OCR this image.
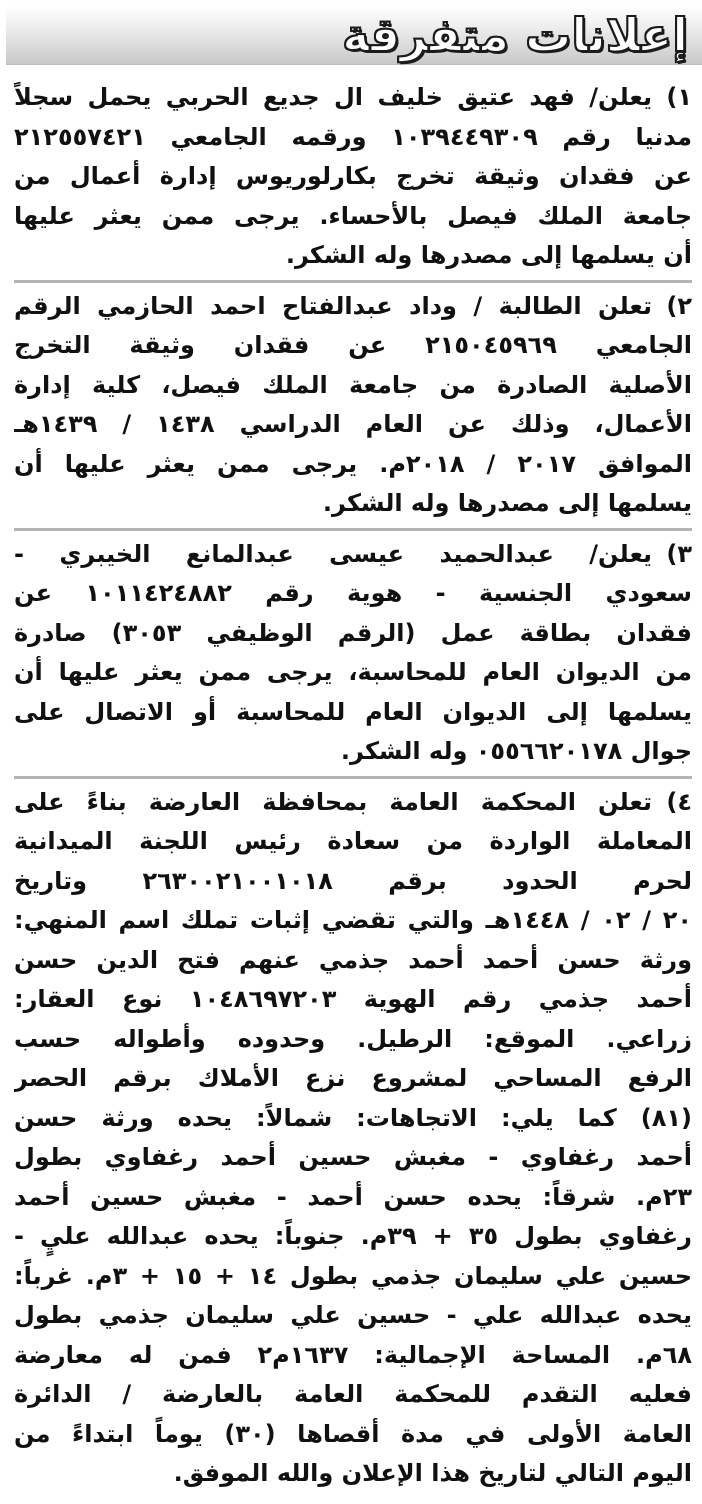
إعلانات متفرقة
١)
يعلن/ فهد عتيق خليف ال جديع الحربي يحمل سجلاً
مدنيا رقم ١٠٣٩٤٤٩٣٠٩ ورقمه الجامعي ٢١٢٥٥٧٤٢١
عن فقدان وثيقة تخرج بكارلوريوس إدارة أعمال من
جامعة الملك فيصل بالأحساء. يرجى ممن يعثر عليها
أن يسلمها إلى مصدرها وله الشكر.
٢)
تعلن الطالبة / وداد عبدالفتاح احمد الحازمي الرقم
الجامعي ٢١٥٠٤٥٩٦٩ عن فقدان وثيقة التخرج
الأصلية الصادرة من جامعة الملك فيصل، كلية إدارة
الأعمال، وذلك عن العام الدراسي ١٤٣٨ / ١٤٣٩هـ
الموافق ٢٠١٧ / ٢٠١٨م. يرجى ممن يعثر عليها أن
يسلمها إلى مصدرها وله الشكر.
٣)
يعلن/ عبدالحميد عيسى عبدالمانع الخيبري -
سعودي الجنسية - هوية رقم ١٠١١٤٢٤٨٨٢ عن
فقدان بطاقة عمل (الرقم الوظيفي ٣٠٥٣) صادرة
من الديوان العام للمحاسبة، يرجى ممن يعثر عليها أن
يسلمها إلى الديوان العام للمحاسبة أو الاتصال على
جوال ٠٥٥٦٦٢٠١٧٨ وله الشكر.
٤)
تعلن المحكمة العامة بمحافظة العارضة بناءً على
المعاملة الواردة من سعادة رئيس اللجنة الميدانية
لحرم الحدود برقم ٢٦٣٠٠٢١٠٠١٠١٨ وتاريخ
٢٠ / ٠٢ / ١٤٤٨هـ والتي تقضي إثبات تملك اسم المنهي:
ورثة حسن أحمد أحمد جذمي عنهم فتح الدين حسن
أحمد جذمي رقم الهوية ١٠٤٨٦٩٧٢٠٣ نوع العقار:
زراعي. الموقع: الرطيل. وحدوده وأطواله حسب
الرفع المساحي لمشروع نزع الأملاك برقم الحصر
(٨١) كما يلي: الاتجاهات: شمالاً: يحده ورثة حسن
أحمد رغفاوي - مغبش حسين أحمد رغفاوي بطول
٢٣م. شرقاً: يحده حسن أحمد - مغبش حسين أحمد
رغفاوي بطول ٣٥ + ٣٩م. جنوباً: يحده عبدالله عليٍ -
حسين علي سليمان جذمي بطول ١٤ + ١٥ + ٣م. غرباً:
يحده عبدالله علي - حسين علي سليمان جذمي بطول
٦٨م. المساحة الإجمالية: ١٦٣٧م٢ فمن له معارضة
فعليه التقدم للمحكمة العامة بالعارضة / الدائرة
العامة الأولى في مدة أقصاها (٣٠) يوماً ابتداءً من
اليوم التالي لتاريخ هذا الإعلان والله الموفق.
